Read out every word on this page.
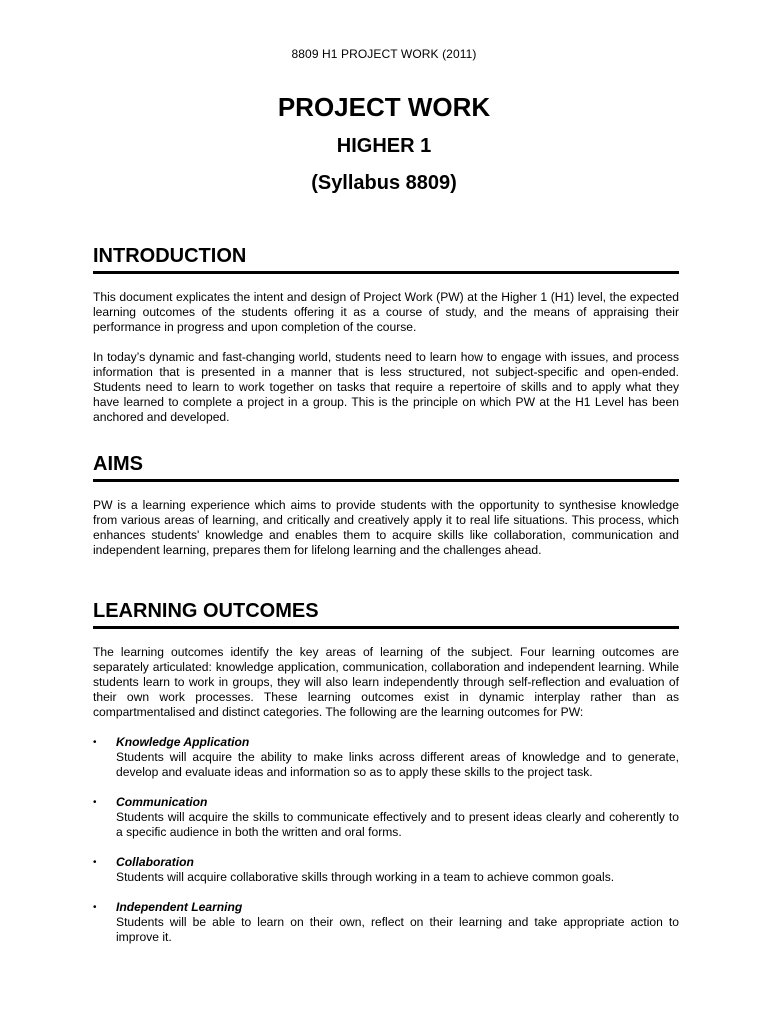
8809 H1 PROJECT WORK (2011)
PROJECT WORK
HIGHER 1
(Syllabus 8809)
INTRODUCTION

This document explicates the intent and design of Project Work (PW) at the Higher 1 (H1) level, the expected learning outcomes of the students offering it as a course of study, and the means of appraising their performance in progress and upon completion of the course.

In today’s dynamic and fast-changing world, students need to learn how to engage with issues, and process information that is presented in a manner that is less structured, not subject-specific and open-ended. Students need to learn to work together on tasks that require a repertoire of skills and to apply what they have learned to complete a project in a group. This is the principle on which PW at the H1 Level has been anchored and developed.

AIMS

PW is a learning experience which aims to provide students with the opportunity to synthesise knowledge from various areas of learning, and critically and creatively apply it to real life situations. This process, which enhances students' knowledge and enables them to acquire skills like collaboration, communication and independent learning, prepares them for lifelong learning and the challenges ahead.

LEARNING OUTCOMES

The learning outcomes identify the key areas of learning of the subject. Four learning outcomes are separately articulated: knowledge application, communication, collaboration and independent learning. While students learn to work in groups, they will also learn independently through self-reflection and evaluation of their own work processes. These learning outcomes exist in dynamic interplay rather than as compartmentalised and distinct categories. The following are the learning outcomes for PW:

• Knowledge Application
Students will acquire the ability to make links across different areas of knowledge and to generate, develop and evaluate ideas and information so as to apply these skills to the project task.
• Communication
Students will acquire the skills to communicate effectively and to present ideas clearly and coherently to a specific audience in both the written and oral forms.
• Collaboration
Students will acquire collaborative skills through working in a team to achieve common goals.
• Independent Learning
Students will be able to learn on their own, reflect on their learning and take appropriate action to improve it.
